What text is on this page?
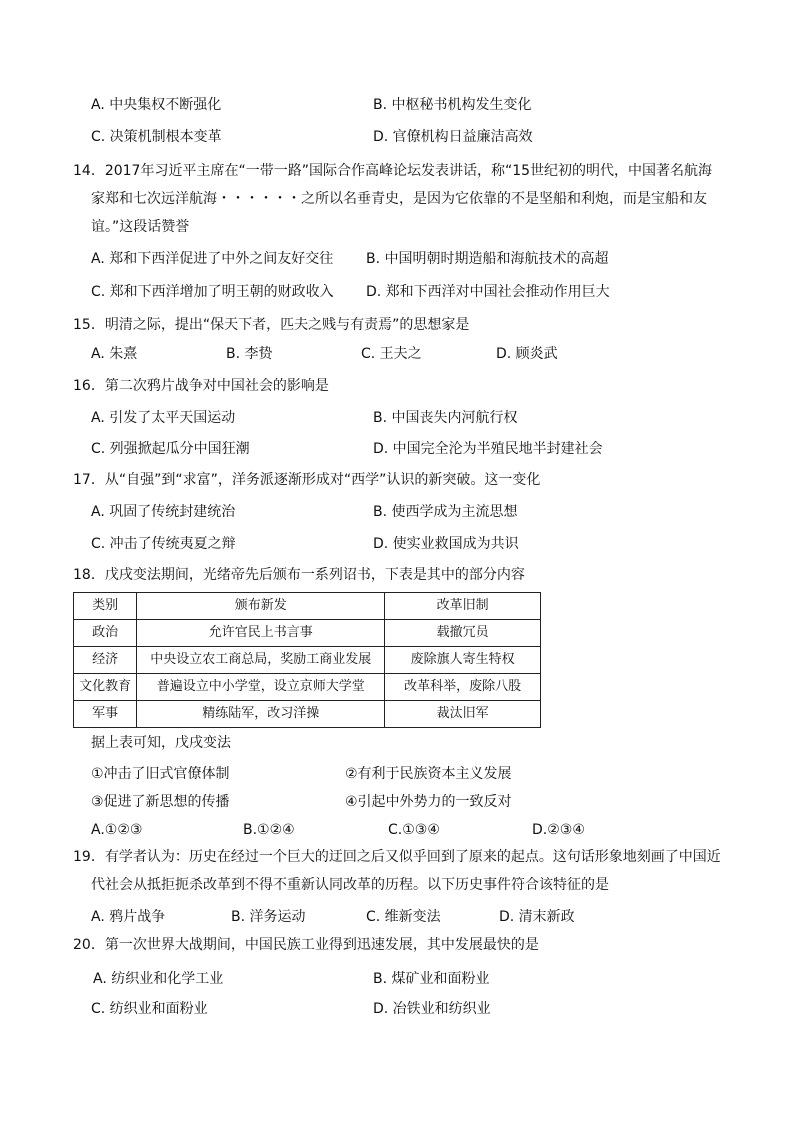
A. 中央集权不断强化	B. 中枢秘书机构发生变化
C. 决策机制根本变革	D. 官僚机构日益廉洁高效
14．2017年习近平主席在“一带一路”国际合作高峰论坛发表讲话，称“15世纪初的明代，中国著名航海
家郑和七次远洋航海・・・・・・之所以名垂青史，是因为它依靠的不是坚船和利炮，而是宝船和友
谊。”这段话赞誉
A. 郑和下西洋促进了中外之间友好交往 B. 中国明朝时期造船和海航技术的高超
C. 郑和下西洋增加了明王朝的财政收入 D. 郑和下西洋对中国社会推动作用巨大
15．明清之际，提出“保天下者，匹夫之贱与有责焉”的思想家是
A. 朱熹	B. 李贽	C. 王夫之	D. 顾炎武
16．第二次鸦片战争对中国社会的影响是
A. 引发了太平天国运动	B. 中国丧失内河航行权
C. 列强掀起瓜分中国狂潮	D. 中国完全沦为半殖民地半封建社会
17．从“自强”到“求富”，洋务派逐渐形成对“西学”认识的新突破。这一变化
A. 巩固了传统封建统治	B. 使西学成为主流思想
C. 冲击了传统夷夏之辩	D. 使实业救国成为共识
18．戊戌变法期间，光绪帝先后颁布一系列诏书，下表是其中的部分内容
类别	颁布新发	改革旧制
政治	允许官民上书言事	载撤冗员
经济	中央设立农工商总局，奖励工商业发展	废除旗人寄生特权
文化教育	普遍设立中小学堂，设立京师大学堂	改革科举，废除八股
军事	精练陆军，改习洋操	裁汰旧军
据上表可知，戊戌变法
①冲击了旧式官僚体制	②有利于民族资本主义发展
③促进了新思想的传播	④引起中外势力的一致反对
A.①②③	B.①②④	C.①③④	D.②③④
19．有学者认为：历史在经过一个巨大的迂回之后又似乎回到了原来的起点。这句话形象地刻画了中国近
代社会从抵拒扼杀改革到不得不重新认同改革的历程。以下历史事件符合该特征的是
A. 鸦片战争	B. 洋务运动	C. 维新变法	D. 清末新政
20．第一次世界大战期间，中国民族工业得到迅速发展，其中发展最快的是
A. 纺织业和化学工业	B. 煤矿业和面粉业
C. 纺织业和面粉业	D. 冶铁业和纺织业
